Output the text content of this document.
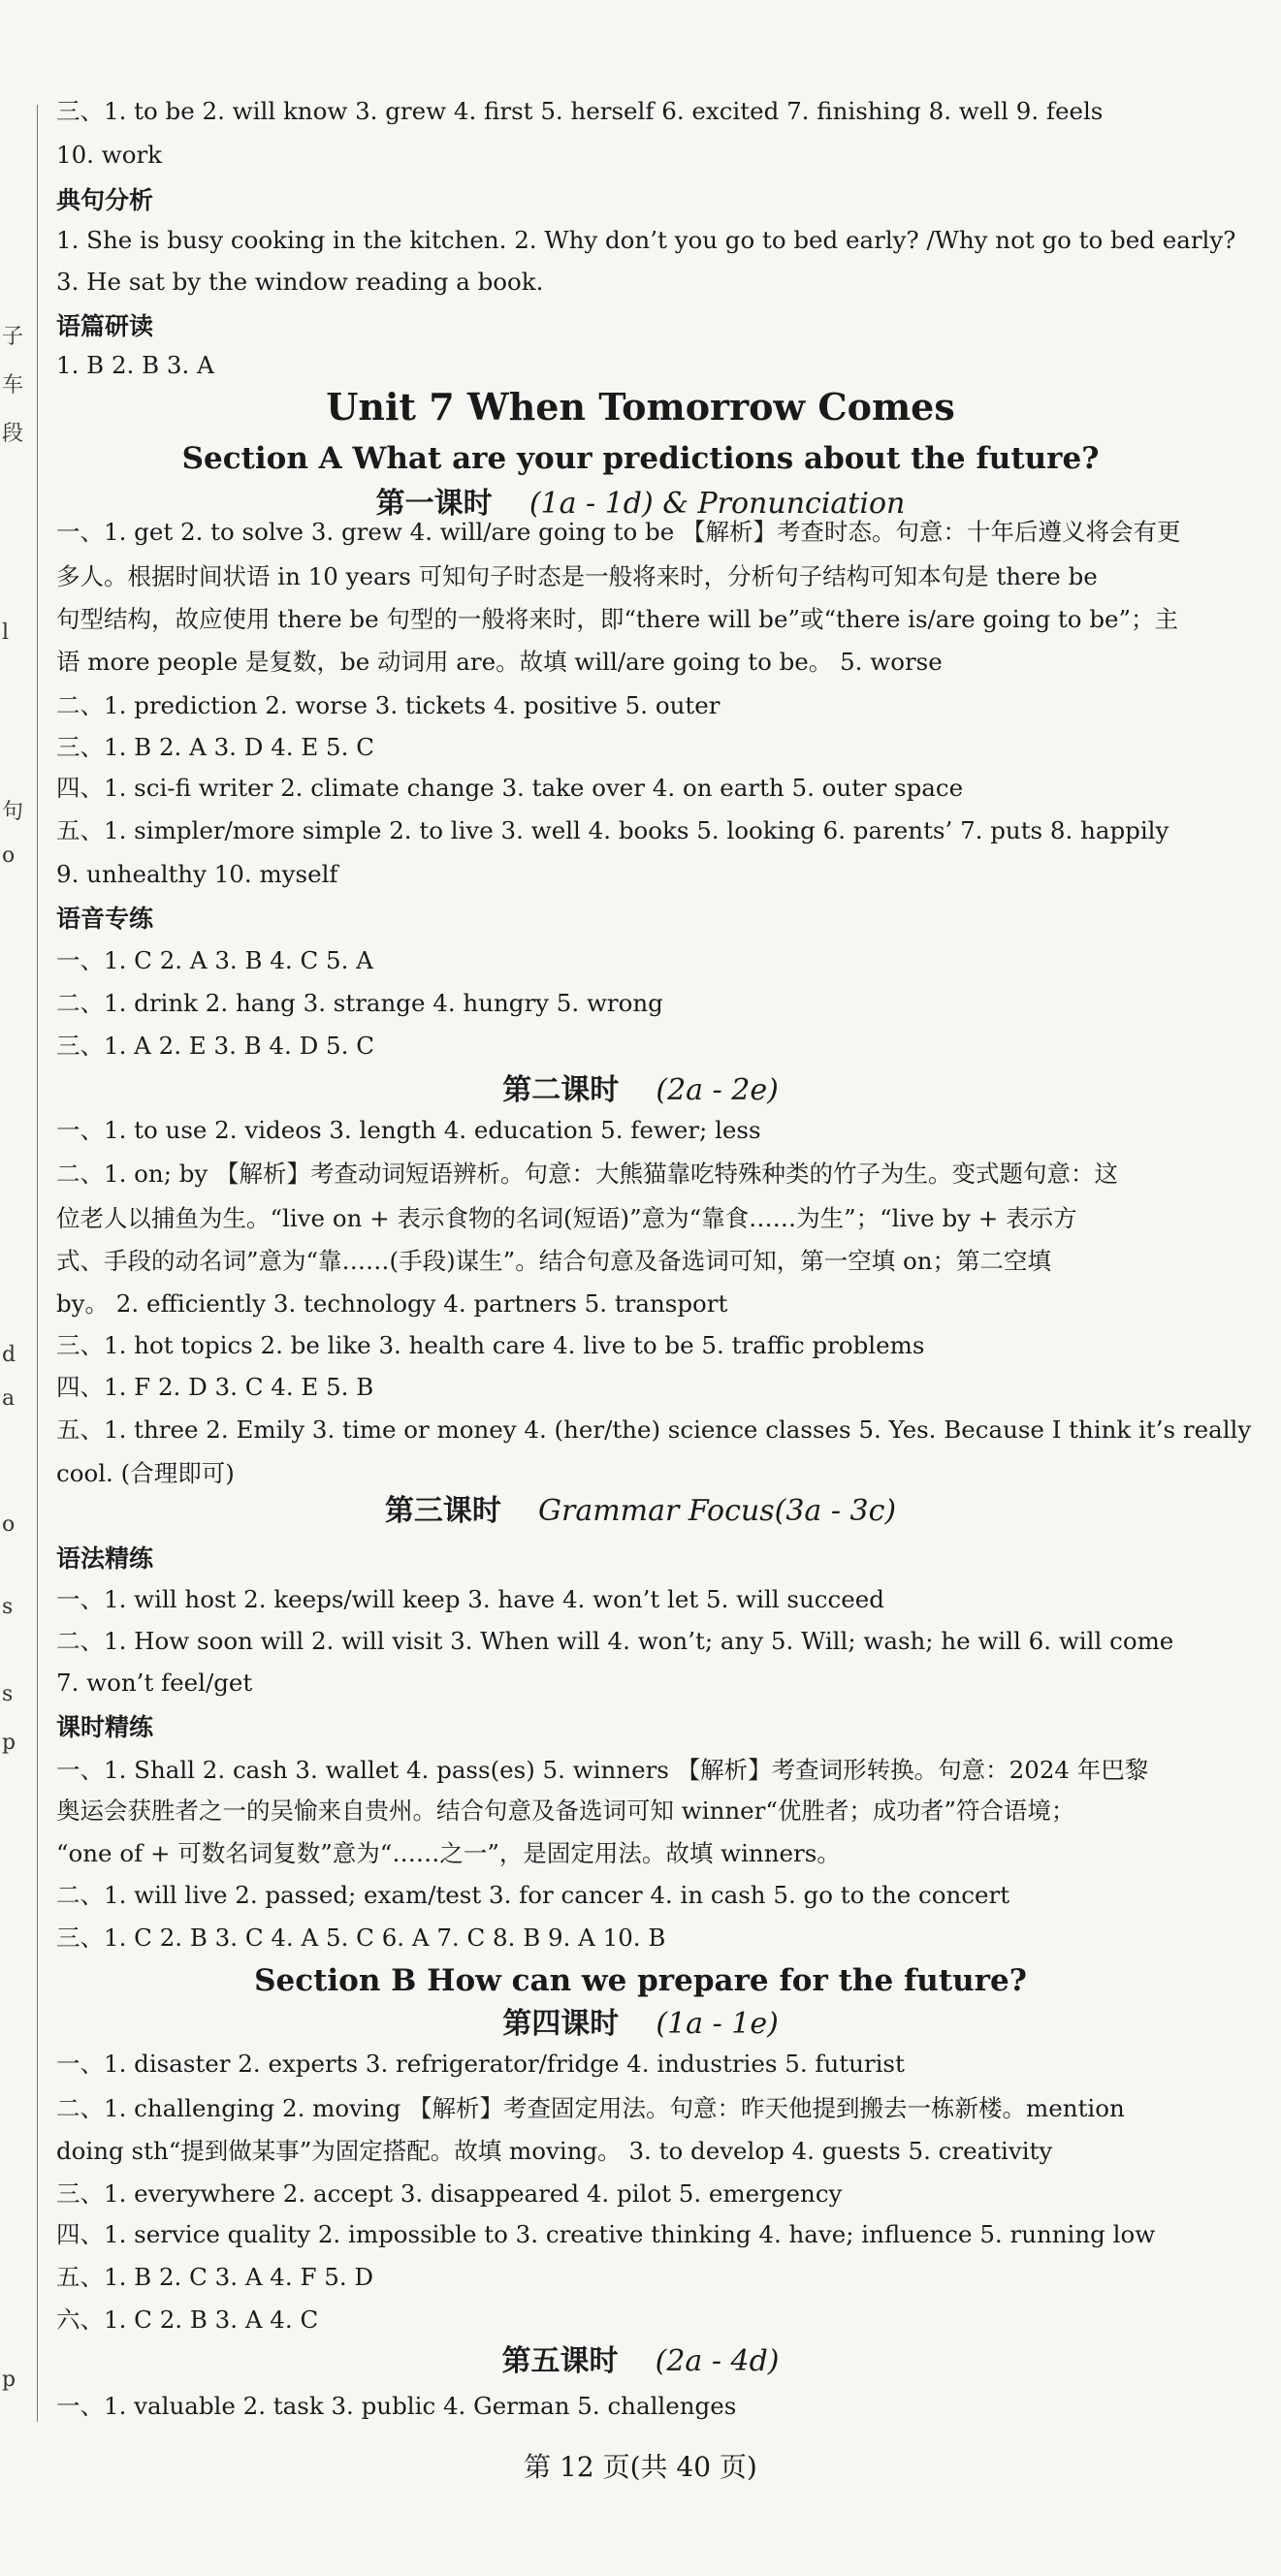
子
车
段
l
句
o
d
a
o
s
s
p
p
Unit 7 When Tomorrow Comes
Section A What are your predictions about the future?
Section B How can we prepare for the future?
第一课时 (1a - 1d) & Pronunciation
第二课时 (2a - 2e)
第三课时 Grammar Focus(3a - 3c)
第四课时 (1a - 1e)
第五课时 (2a - 4d)
三、1. to be 2. will know 3. grew 4. first 5. herself 6. excited 7. finishing 8. well 9. feels
10. work
典句分析
1. She is busy cooking in the kitchen. 2. Why don’t you go to bed early? /Why not go to bed early?
3. He sat by the window reading a book.
语篇研读
1. B 2. B 3. A
一、1. get 2. to solve 3. grew 4. will/are going to be 【解析】考查时态。句意：十年后遵义将会有更
多人。根据时间状语 in 10 years 可知句子时态是一般将来时，分析句子结构可知本句是 there be
句型结构，故应使用 there be 句型的一般将来时，即“there will be”或“there is/are going to be”；主
语 more people 是复数，be 动词用 are。故填 will/are going to be。 5. worse
二、1. prediction 2. worse 3. tickets 4. positive 5. outer
三、1. B 2. A 3. D 4. E 5. C
四、1. sci-fi writer 2. climate change 3. take over 4. on earth 5. outer space
五、1. simpler/more simple 2. to live 3. well 4. books 5. looking 6. parents’ 7. puts 8. happily
9. unhealthy 10. myself
语音专练
一、1. C 2. A 3. B 4. C 5. A
二、1. drink 2. hang 3. strange 4. hungry 5. wrong
三、1. A 2. E 3. B 4. D 5. C
一、1. to use 2. videos 3. length 4. education 5. fewer; less
二、1. on; by 【解析】考查动词短语辨析。句意：大熊猫靠吃特殊种类的竹子为生。变式题句意：这
位老人以捕鱼为生。“live on + 表示食物的名词(短语)”意为“靠食……为生”；“live by + 表示方
式、手段的动名词”意为“靠……(手段)谋生”。结合句意及备选词可知，第一空填 on；第二空填
by。 2. efficiently 3. technology 4. partners 5. transport
三、1. hot topics 2. be like 3. health care 4. live to be 5. traffic problems
四、1. F 2. D 3. C 4. E 5. B
五、1. three 2. Emily 3. time or money 4. (her/the) science classes 5. Yes. Because I think it’s really
cool. (合理即可)
语法精练
一、1. will host 2. keeps/will keep 3. have 4. won’t let 5. will succeed
二、1. How soon will 2. will visit 3. When will 4. won’t; any 5. Will; wash; he will 6. will come
7. won’t feel/get
课时精练
一、1. Shall 2. cash 3. wallet 4. pass(es) 5. winners 【解析】考查词形转换。句意：2024 年巴黎
奥运会获胜者之一的吴愉来自贵州。结合句意及备选词可知 winner“优胜者；成功者”符合语境；
“one of + 可数名词复数”意为“……之一”，是固定用法。故填 winners。
二、1. will live 2. passed; exam/test 3. for cancer 4. in cash 5. go to the concert
三、1. C 2. B 3. C 4. A 5. C 6. A 7. C 8. B 9. A 10. B
一、1. disaster 2. experts 3. refrigerator/fridge 4. industries 5. futurist
二、1. challenging 2. moving 【解析】考查固定用法。句意：昨天他提到搬去一栋新楼。mention
doing sth“提到做某事”为固定搭配。故填 moving。 3. to develop 4. guests 5. creativity
三、1. everywhere 2. accept 3. disappeared 4. pilot 5. emergency
四、1. service quality 2. impossible to 3. creative thinking 4. have; influence 5. running low
五、1. B 2. C 3. A 4. F 5. D
六、1. C 2. B 3. A 4. C
一、1. valuable 2. task 3. public 4. German 5. challenges
第 12 页(共 40 页)
